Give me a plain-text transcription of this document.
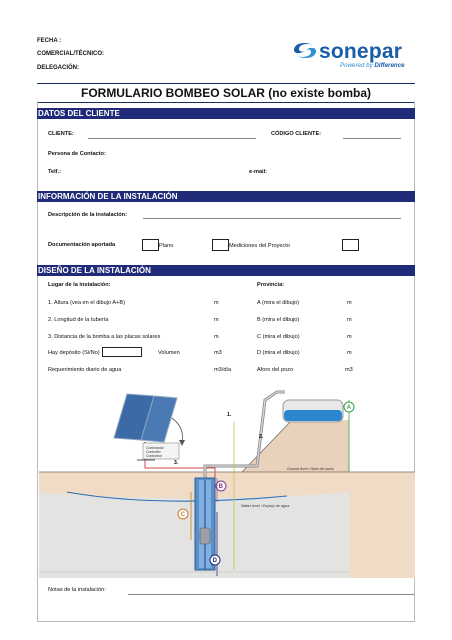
FECHA :
COMERCIAL/TÉCNICO:
DELEGACIÓN:
sonepar
Powered by Difference
FORMULARIO BOMBEO SOLAR (no existe bomba)
DATOS DEL CLIENTE
CLIENTE:	CÓDIGO CLIENTE:
Persona de Contacto:
Telf.:	e-mail:
INFORMACIÓN DE LA INSTALACIÓN
Descripción de la instalación:
Documentación aportada	Plano	Mediciones del Proyecto
DISEÑO DE LA INSTALACIÓN
Lugar de la instalación:	Provincia:
1. Altura (vea en el dibujo A+B)	m	A (mira el dibujo)	m
2. Longitud de la tubería	m	B (mira el dibujo)	m
3. Distancia de la bomba a las placas solares	m	C (mira el dibujo)	m
Hay depósito (Si/No)	Volumen	m3	D (mira el dibujo)	m
Requerimiento diario de agua	m3/día	Aforo del pozo	m3
Controlador
Controller
Controleur
3.
1.
2.
A
Ground level / Nivel del suelo
B
Water level / Espejo de agua
C
D
Notas de la instalación:
